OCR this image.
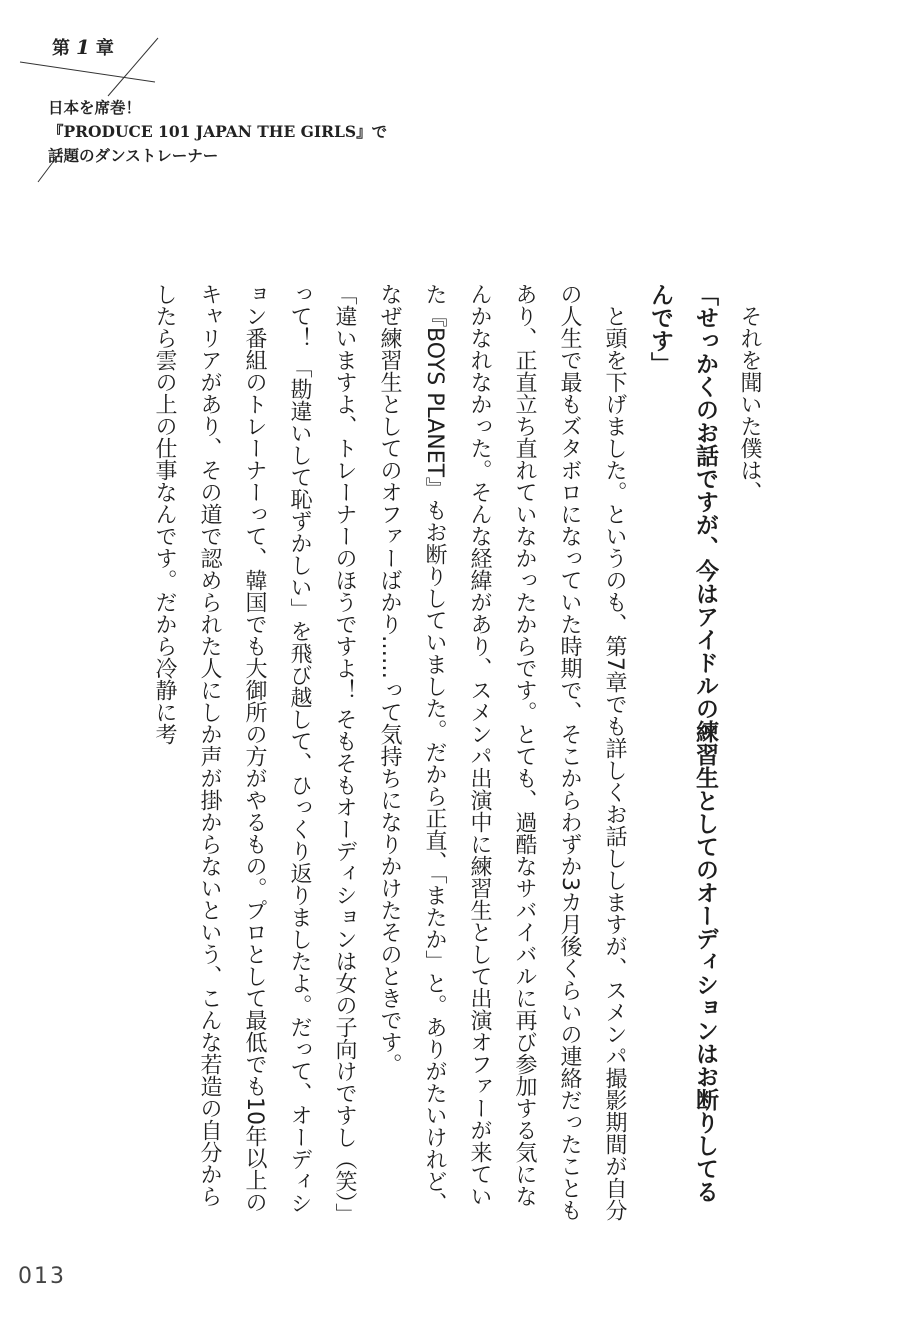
第 1 章
日本を席巻！
『PRODUCE 101 JAPAN THE GIRLS』で
話題のダンストレーナー

それを聞いた僕は、

「せっかくのお話ですが、今はアイドルの練習生としてのオーディションはお断りしてるんです」

と頭を下げました。というのも、第7章でも詳しくお話ししますが、スメンパ撮影期間が自分の人生で最もズタボロになっていた時期で、そこからわずか3カ月後くらいの連絡だったこともあり、正直立ち直れていなかったからです。とても、過酷なサバイバルに再び参加する気になんかなれなかった。そんな経緯があり、スメンパ出演中に練習生として出演オファーが来ていた『BOYS PLANET』もお断りしていました。だから正直、「またか」と。ありがたいけれど、なぜ練習生としてのオファーばかり……って気持ちになりかけたそのときです。

「違いますよ、トレーナーのほうですよ！ そもそもオーディションは女の子向けですし（笑）」って！ 「勘違いして恥ずかしい」を飛び越して、ひっくり返りましたよ。だって、オーディション番組のトレーナーって、韓国でも大御所の方がやるもの。プロとして最低でも10年以上のキャリアがあり、その道で認められた人にしか声が掛からないという、こんな若造の自分からしたら雲の上の仕事なんです。だから冷静に考

013
